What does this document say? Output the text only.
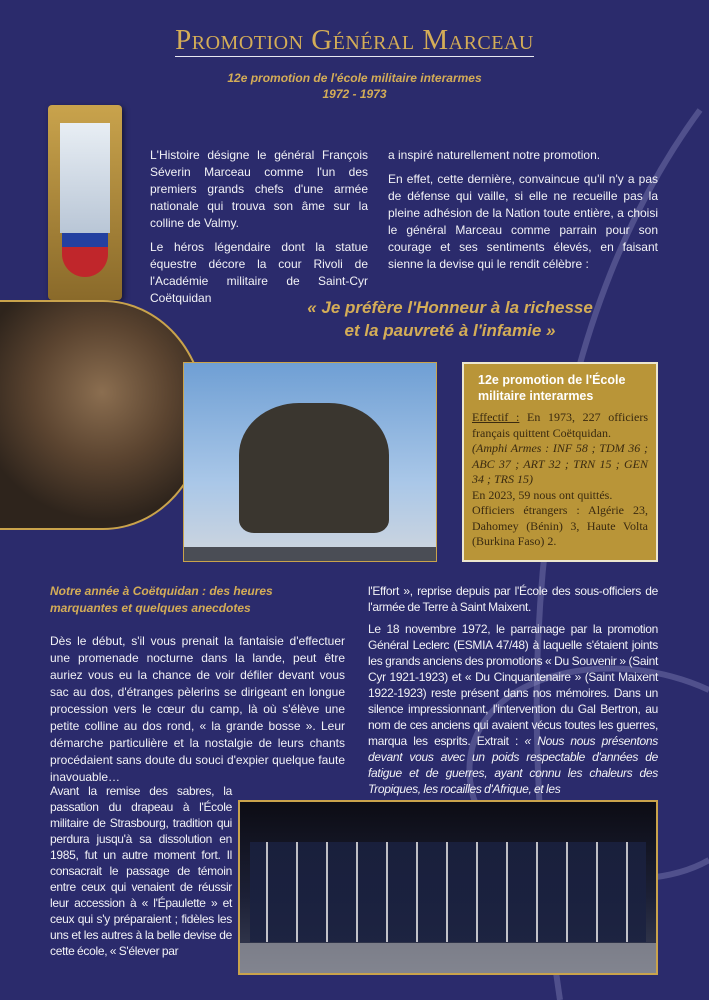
Promotion Général Marceau
12e promotion de l'école militaire interarmes
1972 - 1973

L'Histoire désigne le général François Séverin Marceau comme l'un des premiers grands chefs d'une armée nationale qui trouva son âme sur la colline de Valmy.

Le héros légendaire dont la statue équestre décore la cour Rivoli de l'Académie militaire de Saint-Cyr Coëtquidan

a inspiré naturellement notre promotion.

En effet, cette dernière, convaincue qu'il n'y a pas de défense qui vaille, si elle ne recueille pas la pleine adhésion de la Nation toute entière, a choisi le général Marceau comme parrain pour son courage et ses sentiments élevés, en faisant sienne la devise qui le rendit célèbre :

« Je préfère l'Honneur à la richesse
et la pauvreté à l'infamie »
12e promotion de l'École militaire interarmes
Effectif : En 1973, 227 officiers français quittent Coëtquidan.
(Amphi Armes : INF 58 ; TDM 36 ; ABC 37 ; ART 32 ; TRN 15 ; GEN 34 ; TRS 15)
En 2023, 59 nous ont quittés.
Officiers étrangers : Algérie 23, Dahomey (Bénin) 3, Haute Volta (Burkina Faso) 2.
Notre année à Coëtquidan : des heures
marquantes et quelques anecdotes

Dès le début, s'il vous prenait la fantaisie d'effectuer une promenade nocturne dans la lande, peut être auriez vous eu la chance de voir défiler devant vous sac au dos, d'étranges pèlerins se dirigeant en longue procession vers le cœur du camp, là où s'élève une petite colline au dos rond, « la grande bosse ». Leur démarche particulière et la nostalgie de leurs chants procédaient sans doute du souci d'expier quelque faute inavouable…

Avant la remise des sabres, la passation du drapeau à l'École militaire de Strasbourg, tradition qui perdura jusqu'à sa dissolution en 1985, fut un autre moment fort. Il consacrait le passage de témoin entre ceux qui venaient de réussir leur accession à « l'Épaulette » et ceux qui s'y préparaient ; fidèles les uns et les autres à la belle devise de cette école, « S'élever par

l'Effort », reprise depuis par l'École des sous-officiers de l'armée de Terre à Saint Maixent.

Le 18 novembre 1972, le parrainage par la promotion Général Leclerc (ESMIA 47/48) à laquelle s'étaient joints les grands anciens des promotions « Du Souvenir » (Saint Cyr 1921-1923) et « Du Cinquantenaire » (Saint Maixent 1922-1923) reste présent dans nos mémoires. Dans un silence impressionnant, l'intervention du Gal Bertron, au nom de ces anciens qui avaient vécus toutes les guerres, marqua les esprits. Extrait : « Nous nous présentons devant vous avec un poids respectable d'années de fatigue et de guerres, ayant connu les chaleurs des Tropiques, les rocailles d'Afrique, et les
